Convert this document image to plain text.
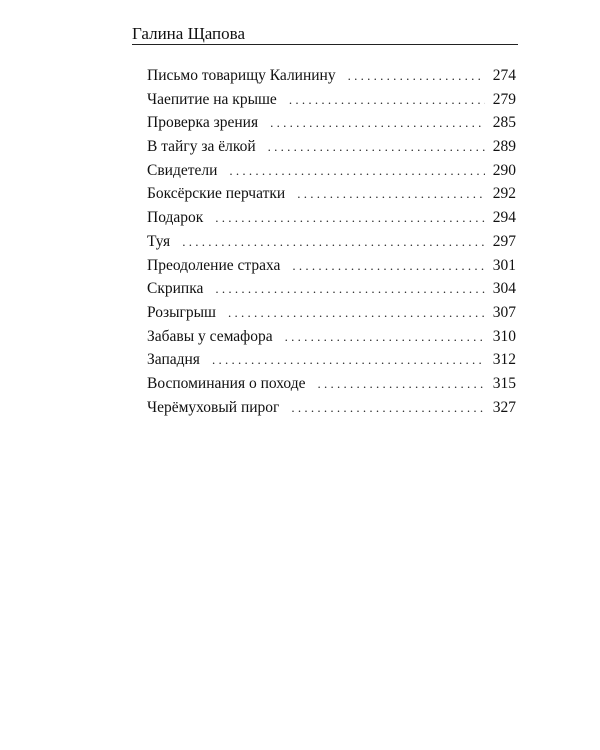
Галина Щапова
Письмо товарищу Калинину . . .	274
Чаепитие на крыше . . .	279
Проверка зрения . . .	285
В тайгу за ёлкой . . .	289
Свидетели . . .	290
Боксёрские перчатки . . .	292
Подарок . . .	294
Туя . . .	297
Преодоление страха . . .	301
Скрипка . . .	304
Розыгрыш . . .	307
Забавы у семафора . . .	310
Западня . . .	312
Воспоминания о походе . . .	315
Черёмуховый пирог . . .	327
